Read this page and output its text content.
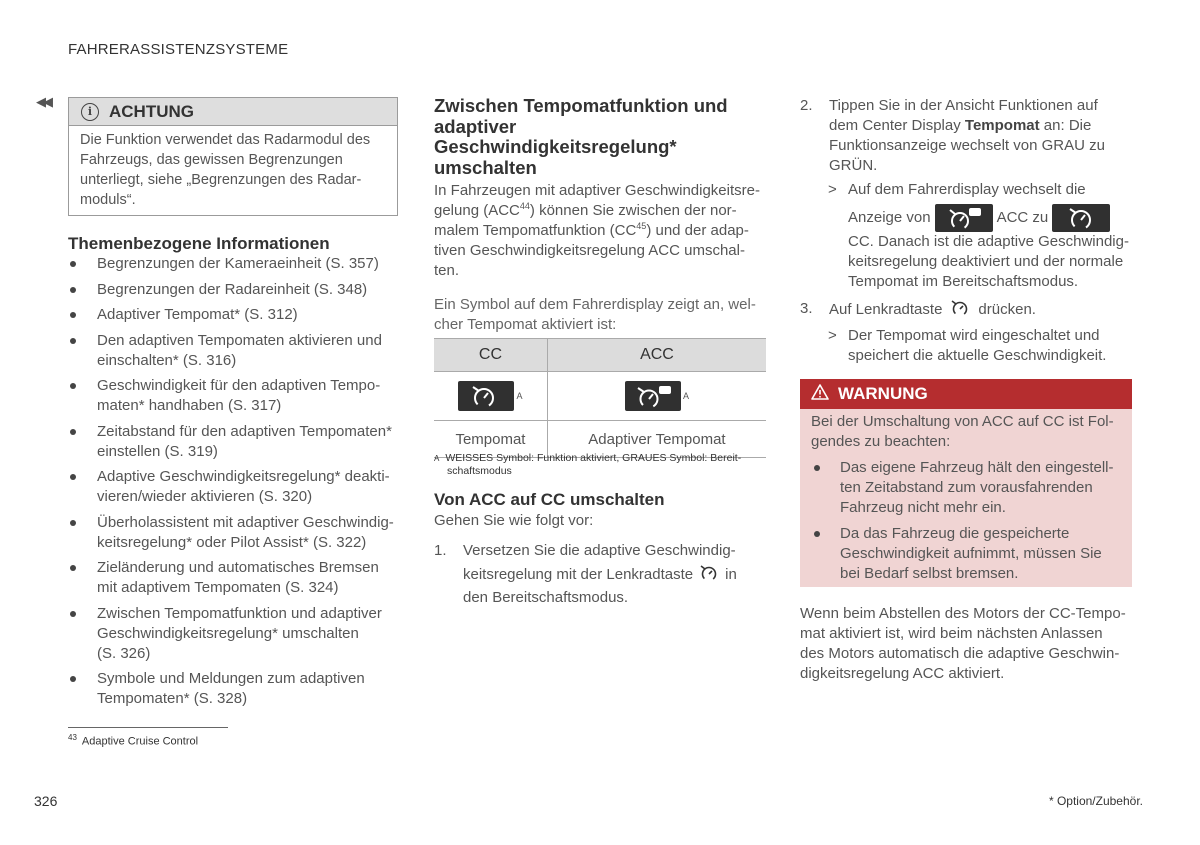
FAHRERASSISTENZSYSTEME
◀◀
i ACHTUNG
Die Funktion verwendet das Radarmodul des
Fahrzeugs, das gewissen Begrenzungen
unterliegt, siehe „Begrenzungen des Radar-
moduls“.
Themenbezogene Informationen
Begrenzungen der Kameraeinheit (S. 357)
Begrenzungen der Radareinheit (S. 348)
Adaptiver Tempomat* (S. 312)
Den adaptiven Tempomaten aktivieren und
einschalten* (S. 316)
Geschwindigkeit für den adaptiven Tempo-
maten* handhaben (S. 317)
Zeitabstand für den adaptiven Tempomaten*
einstellen (S. 319)
Adaptive Geschwindigkeitsregelung* deakti-
vieren/wieder aktivieren (S. 320)
Überholassistent mit adaptiver Geschwindig-
keitsregelung* oder Pilot Assist* (S. 322)
Zieländerung und automatisches Bremsen
mit adaptivem Tempomaten (S. 324)
Zwischen Tempomatfunktion und adaptiver
Geschwindigkeitsregelung* umschalten
(S. 326)
Symbole und Meldungen zum adaptiven
Tempomaten* (S. 328)
$^{43}$ Adaptive Cruise Control
326	* Option/Zubehör.
Zwischen Tempomatfunktion und
adaptiver
Geschwindigkeitsregelung*
umschalten
In Fahrzeugen mit adaptiver Geschwindigkeitsre-
gelung (ACC$^{44}$) können Sie zwischen der nor-
malem Tempomatfunktion (CC$^{45}$) und der adap-
tiven Geschwindigkeitsregelung ACC umschal-
ten.
Ein Symbol auf dem Fahrerdisplay zeigt an, wel-
cher Tempomat aktiviert ist:
CC	ACC
A	A
Tempomat	Adaptiver Tempomat
A WEISSES Symbol: Funktion aktiviert, GRAUES Symbol: Bereit-
schaftsmodus
Von ACC auf CC umschalten
Gehen Sie wie folgt vor:
1. Versetzen Sie die adaptive Geschwindig-
keitsregelung mit der Lenkradtaste in
den Bereitschaftsmodus.
2. Tippen Sie in der Ansicht Funktionen auf
dem Center Display Tempomat an: Die
Funktionsanzeige wechselt von GRAU zu
GRÜN.
> Auf dem Fahrerdisplay wechselt die
Anzeige von	ACC zu
CC. Danach ist die adaptive Geschwindig-
keitsregelung deaktiviert und der normale
Tempomat im Bereitschaftsmodus.
3. Auf Lenkradtaste drücken.
> Der Tempomat wird eingeschaltet und
speichert die aktuelle Geschwindigkeit.
WARNUNG
Bei der Umschaltung von ACC auf CC ist Fol-
gendes zu beachten:
Das eigene Fahrzeug hält den eingestell-
ten Zeitabstand zum vorausfahrenden
Fahrzeug nicht mehr ein.
Da das Fahrzeug die gespeicherte
Geschwindigkeit aufnimmt, müssen Sie
bei Bedarf selbst bremsen.
Wenn beim Abstellen des Motors der CC-Tempo-
mat aktiviert ist, wird beim nächsten Anlassen
des Motors automatisch die adaptive Geschwin-
digkeitsregelung ACC aktiviert.
